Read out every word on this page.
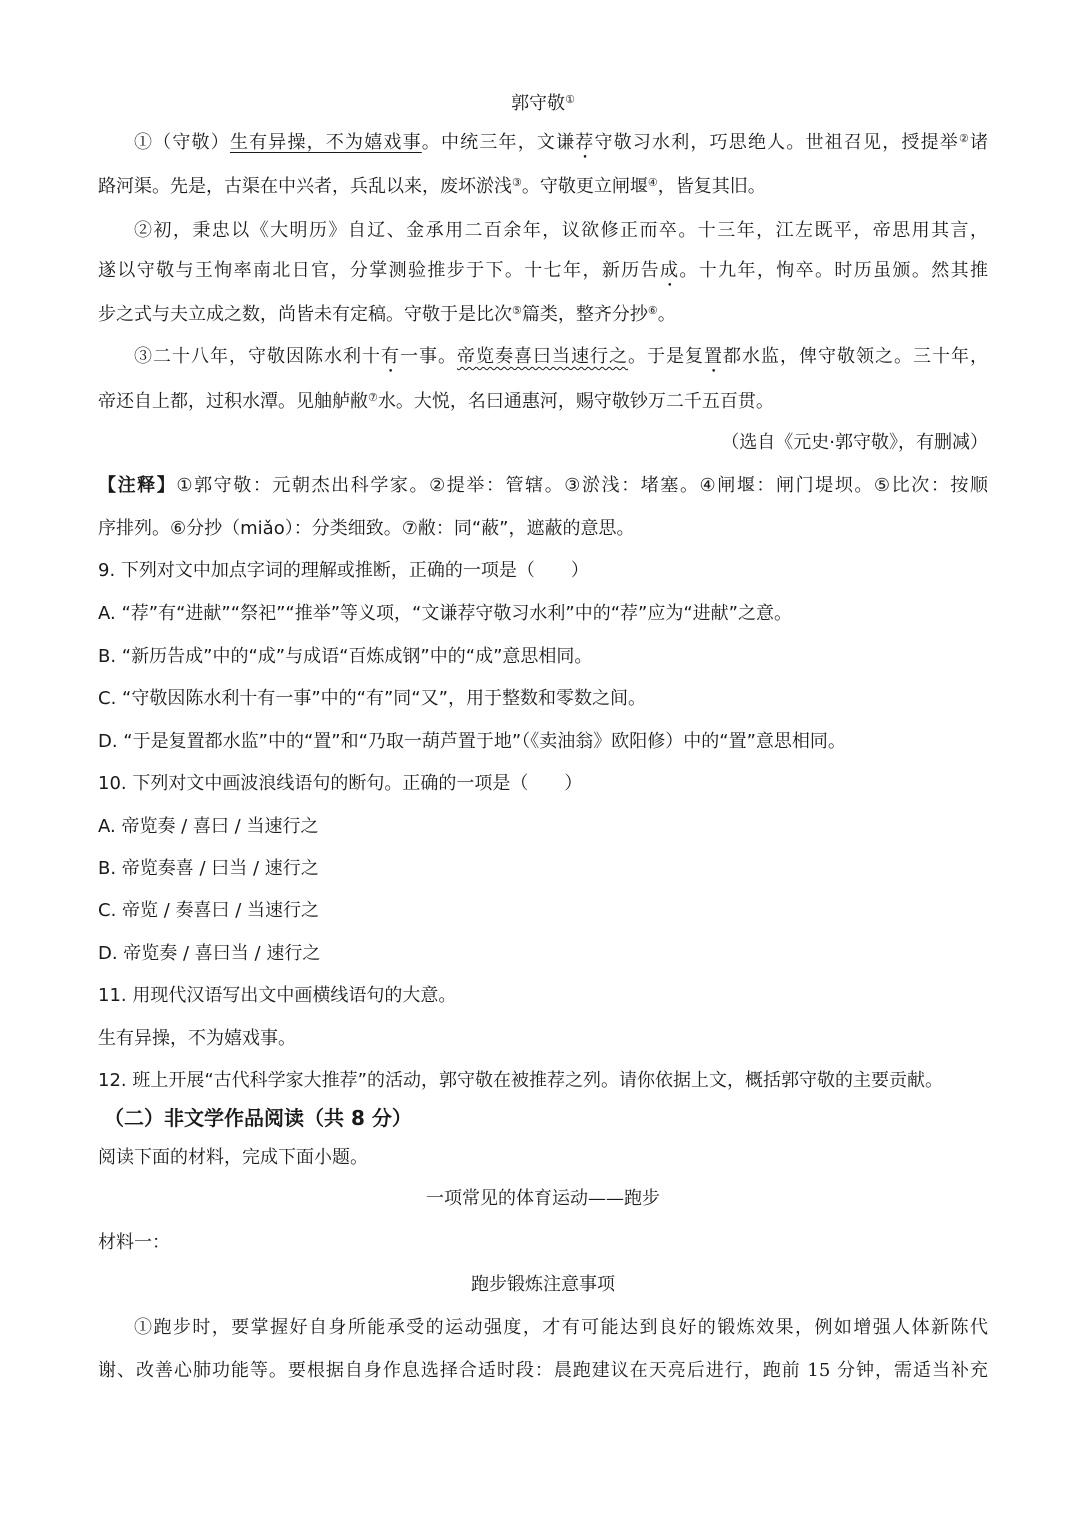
郭守敬①
①（守敬）生有异操，不为嬉戏事。中统三年，文谦荐守敬习水利，巧思绝人。世祖召见，授提举②诸
路河渠。先是，古渠在中兴者，兵乱以来，废坏淤浅③。守敬更立闸堰④，皆复其旧。
②初，秉忠以《大明历》自辽、金承用二百余年，议欲修正而卒。十三年，江左既平，帝思用其言，
遂以守敬与王恂率南北日官，分掌测验推步于下。十七年，新历告成。十九年，恂卒。时历虽颁。然其推
步之式与夫立成之数，尚皆未有定稿。守敬于是比次⑤篇类，整齐分抄⑥。
③二十八年，守敬因陈水利十有一事。帝览奏喜曰当速行之。于是复置都水监，俾守敬领之。三十年，
帝还自上都，过积水潭。见舳舻敝⑦水。大悦，名曰通惠河，赐守敬钞万二千五百贯。
（选自《元史·郭守敬》，有删减）
【注释】①郭守敬：元朝杰出科学家。②提举：管辖。③淤浅：堵塞。④闸堰：闸门堤坝。⑤比次：按顺
序排列。⑥分抄（miǎo）：分类细致。⑦敝：同“蔽”，遮蔽的意思。
9. 下列对文中加点字词的理解或推断，正确的一项是（　　）
A. “荐”有“进献”“祭祀”“推举”等义项，“文谦荐守敬习水利”中的“荐”应为“进献”之意。
B. “新历告成”中的“成”与成语“百炼成钢”中的“成”意思相同。
C. “守敬因陈水利十有一事”中的“有”同“又”，用于整数和零数之间。
D. “于是复置都水监”中的“置”和“乃取一葫芦置于地”（《卖油翁》欧阳修）中的“置”意思相同。
10. 下列对文中画波浪线语句的断句。正确的一项是（　　）
A. 帝览奏 / 喜曰 / 当速行之
B. 帝览奏喜 / 曰当 / 速行之
C. 帝览 / 奏喜曰 / 当速行之
D. 帝览奏 / 喜曰当 / 速行之
11. 用现代汉语写出文中画横线语句的大意。
生有异操，不为嬉戏事。
12. 班上开展“古代科学家大推荐”的活动，郭守敬在被推荐之列。请你依据上文，概括郭守敬的主要贡献。
（二）非文学作品阅读（共 8 分）
阅读下面的材料，完成下面小题。
一项常见的体育运动——跑步
材料一：
跑步锻炼注意事项
①跑步时，要掌握好自身所能承受的运动强度，才有可能达到良好的锻炼效果，例如增强人体新陈代
谢、改善心肺功能等。要根据自身作息选择合适时段：晨跑建议在天亮后进行，跑前 15 分钟，需适当补充
